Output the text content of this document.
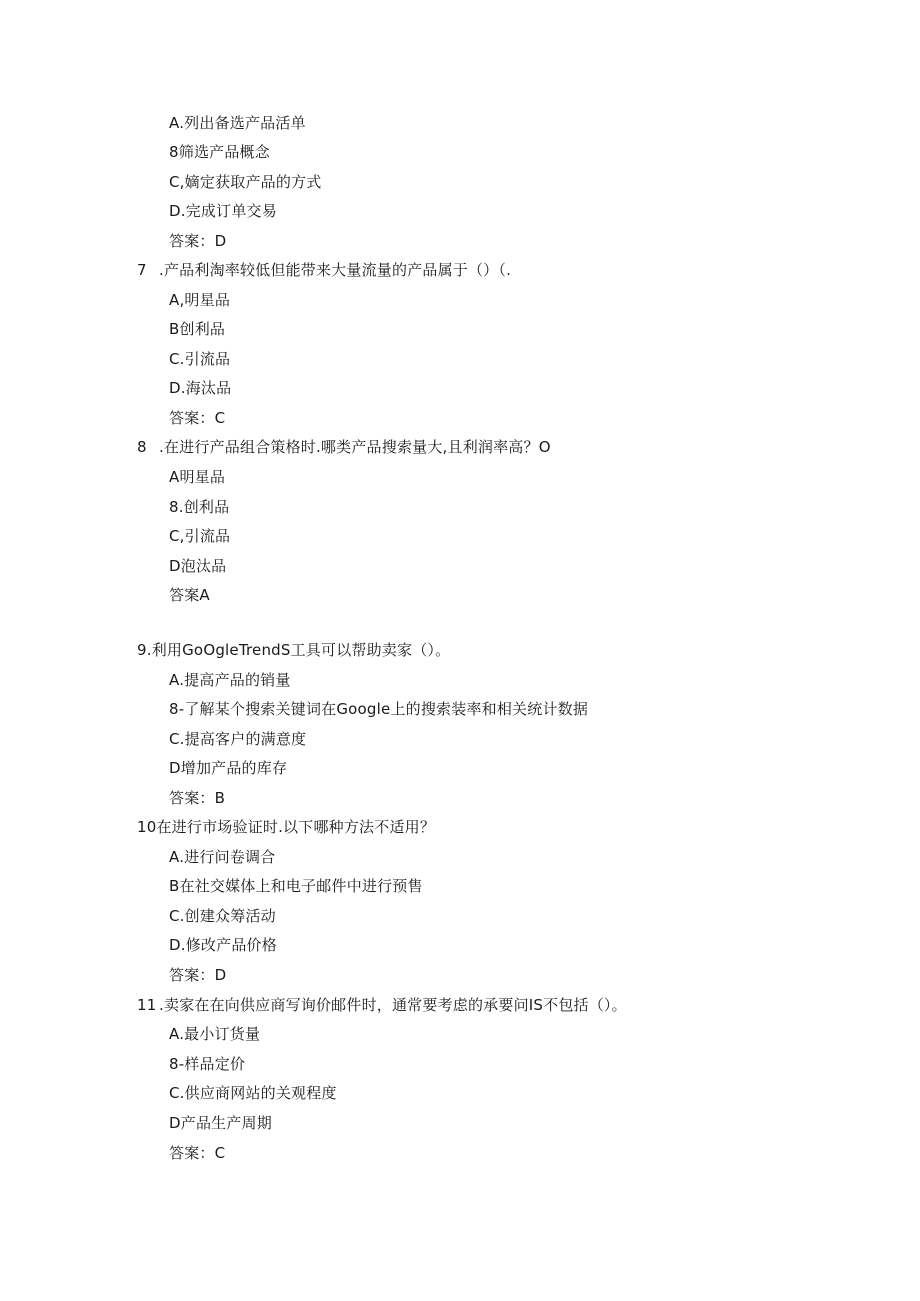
A.列出备选产品活单
8筛选产品概念
C,嫡定获取产品的方式
D.完成订单交易
答案：D
7 .产品利淘率较低但能带来大量流量的产品属于（）（.
A,明星品
B创利品
C.引流品
D.海汰品
答案：C
8 .在进行产品组合策格时.哪类产品搜索量大,且利润率高？O
A明星品
8.创利品
C,引流品
D泡汰品
答案A
9.利用GoOgleTrendS工具可以帮助卖家（）。
A.提高产品的销量
8-了解某个搜索关键词在Google上的搜索装率和相关统计数据
C.提高客户的满意度
D增加产品的库存
答案：B
10在进行市场验证时.以下哪种方法不适用？
A.进行问卷调合
B在社交媒体上和电子邮件中进行预售
C.创建众筹活动
D.修改产品价格
答案：D
11 .卖家在在向供应商写询价邮件时，通常要考虑的承要问IS不包括（）。
A.最小订货量
8-样品定价
C.供应商网站的关观程度
D产品生产周期
答案：C
